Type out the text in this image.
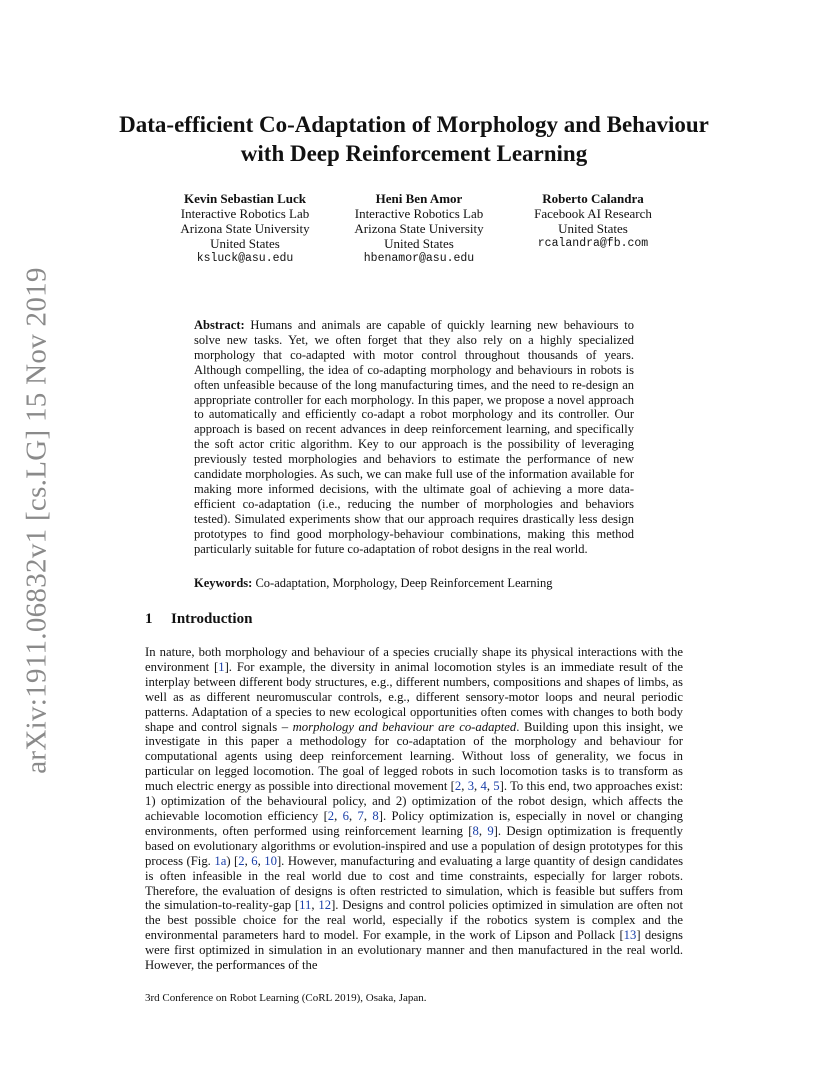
arXiv:1911.06832v1 [cs.LG] 15 Nov 2019
Data-efficient Co-Adaptation of Morphology and Behaviour with Deep Reinforcement Learning
Kevin Sebastian Luck
Interactive Robotics Lab
Arizona State University
United States
ksluck@asu.edu
Heni Ben Amor
Interactive Robotics Lab
Arizona State University
United States
hbenamor@asu.edu
Roberto Calandra
Facebook AI Research
United States
rcalandra@fb.com

Abstract: Humans and animals are capable of quickly learning new behaviours to solve new tasks. Yet, we often forget that they also rely on a highly specialized morphology that co-adapted with motor control throughout thousands of years. Although compelling, the idea of co-adapting morphology and behaviours in robots is often unfeasible because of the long manufacturing times, and the need to re-design an appropriate controller for each morphology. In this paper, we propose a novel approach to automatically and efficiently co-adapt a robot morphology and its controller. Our approach is based on recent advances in deep reinforcement learning, and specifically the soft actor critic algorithm. Key to our approach is the possibility of leveraging previously tested morphologies and behaviors to estimate the performance of new candidate morphologies. As such, we can make full use of the information available for making more informed decisions, with the ultimate goal of achieving a more data-efficient co-adaptation (i.e., reducing the number of morphologies and behaviors tested). Simulated experiments show that our approach requires drastically less design prototypes to find good morphology-behaviour combinations, making this method particularly suitable for future co-adaptation of robot designs in the real world.

Keywords: Co-adaptation, Morphology, Deep Reinforcement Learning

1 Introduction

In nature, both morphology and behaviour of a species crucially shape its physical interactions with the environment [1]. For example, the diversity in animal locomotion styles is an immediate result of the interplay between different body structures, e.g., different numbers, compositions and shapes of limbs, as well as as different neuromuscular controls, e.g., different sensory-motor loops and neural periodic patterns. Adaptation of a species to new ecological opportunities often comes with changes to both body shape and control signals – morphology and behaviour are co-adapted. Building upon this insight, we investigate in this paper a methodology for co-adaptation of the morphology and behaviour for computational agents using deep reinforcement learning. Without loss of generality, we focus in particular on legged locomotion. The goal of legged robots in such locomotion tasks is to transform as much electric energy as possible into directional movement [2, 3, 4, 5]. To this end, two approaches exist: 1) optimization of the behavioural policy, and 2) optimization of the robot design, which affects the achievable locomotion efficiency [2, 6, 7, 8]. Policy optimization is, especially in novel or changing environments, often performed using reinforcement learning [8, 9]. Design optimization is frequently based on evolutionary algorithms or evolution-inspired and use a population of design prototypes for this process (Fig. 1a) [2, 6, 10]. However, manufacturing and evaluating a large quantity of design candidates is often infeasible in the real world due to cost and time constraints, especially for larger robots. Therefore, the evaluation of designs is often restricted to simulation, which is feasible but suffers from the simulation-to-reality-gap [11, 12]. Designs and control policies optimized in simulation are often not the best possible choice for the real world, especially if the robotics system is complex and the environmental parameters hard to model. For example, in the work of Lipson and Pollack [13] designs were first optimized in simulation in an evolutionary manner and then manufactured in the real world. However, the performances of the

3rd Conference on Robot Learning (CoRL 2019), Osaka, Japan.
